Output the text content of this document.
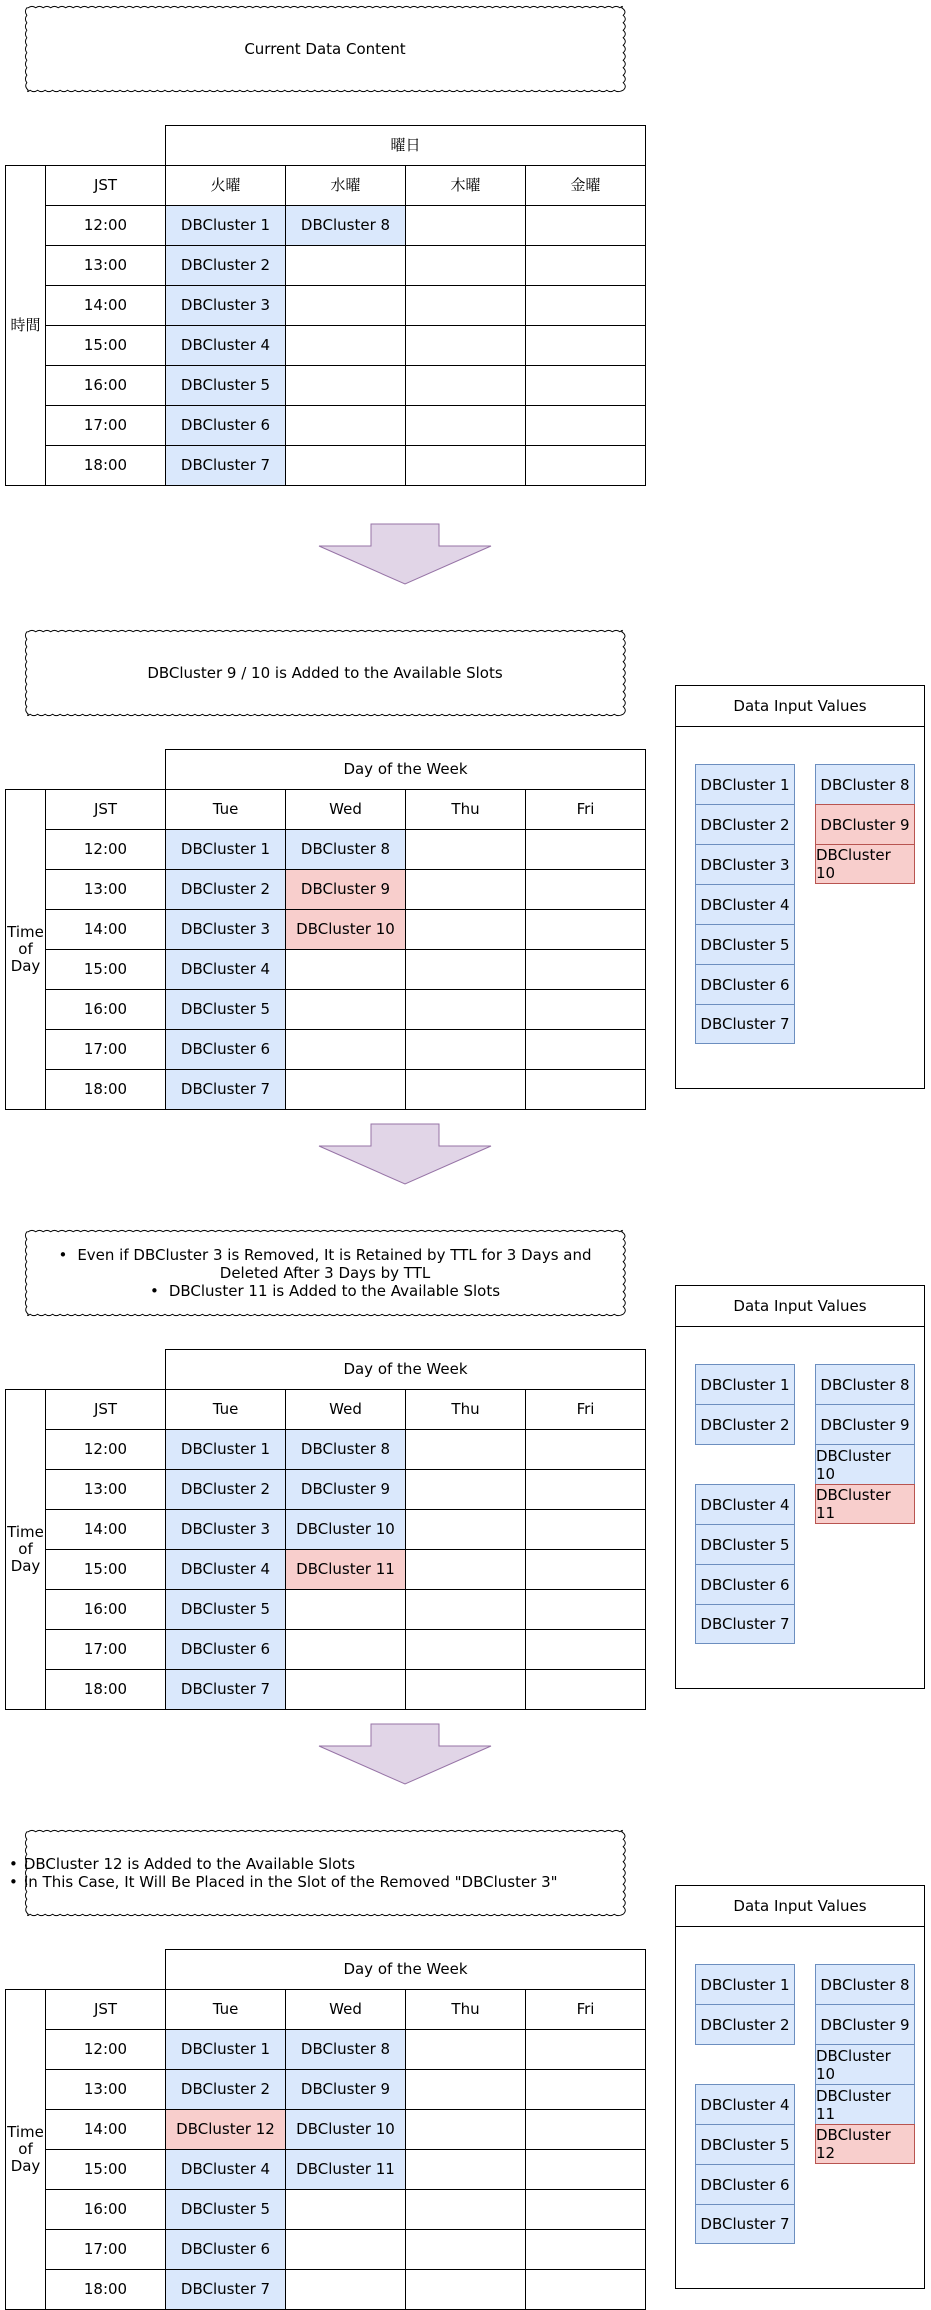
Current Data Content
曜日
時間
JST	火曜	水曜	木曜	金曜
12:00	DBCluster 1	DBCluster 8
13:00	DBCluster 2
14:00	DBCluster 3
15:00	DBCluster 4
16:00	DBCluster 5
17:00	DBCluster 6
18:00	DBCluster 7
DBCluster 9 / 10 is Added to the Available Slots
Day of the Week
Time of Day
JST	Tue	Wed	Thu	Fri
12:00	DBCluster 1	DBCluster 8
13:00	DBCluster 2	DBCluster 9
14:00	DBCluster 3	DBCluster 10
15:00	DBCluster 4
16:00	DBCluster 5
17:00	DBCluster 6
18:00	DBCluster 7
Data Input Values
DBCluster 1
DBCluster 2
DBCluster 3
DBCluster 4
DBCluster 5
DBCluster 6
DBCluster 7
DBCluster 8
DBCluster 9
DBCluster 10
• Even if DBCluster 3 is Removed, It is Retained by TTL for 3 Days and Deleted After 3 Days by TTL
• DBCluster 11 is Added to the Available Slots
Day of the Week
Time of Day
JST	Tue	Wed	Thu	Fri
12:00	DBCluster 1	DBCluster 8
13:00	DBCluster 2	DBCluster 9
14:00	DBCluster 3	DBCluster 10
15:00	DBCluster 4	DBCluster 11
16:00	DBCluster 5
17:00	DBCluster 6
18:00	DBCluster 7
Data Input Values
DBCluster 1
DBCluster 2
DBCluster 4
DBCluster 5
DBCluster 6
DBCluster 7
DBCluster 8
DBCluster 9
DBCluster 10
DBCluster 11
• DBCluster 12 is Added to the Available Slots
• In This Case, It Will Be Placed in the Slot of the Removed "DBCluster 3"
Day of the Week
Time of Day
JST	Tue	Wed	Thu	Fri
12:00	DBCluster 1	DBCluster 8
13:00	DBCluster 2	DBCluster 9
14:00	DBCluster 12	DBCluster 10
15:00	DBCluster 4	DBCluster 11
16:00	DBCluster 5
17:00	DBCluster 6
18:00	DBCluster 7
Data Input Values
DBCluster 1
DBCluster 2
DBCluster 4
DBCluster 5
DBCluster 6
DBCluster 7
DBCluster 8
DBCluster 9
DBCluster 10
DBCluster 11
DBCluster 12
